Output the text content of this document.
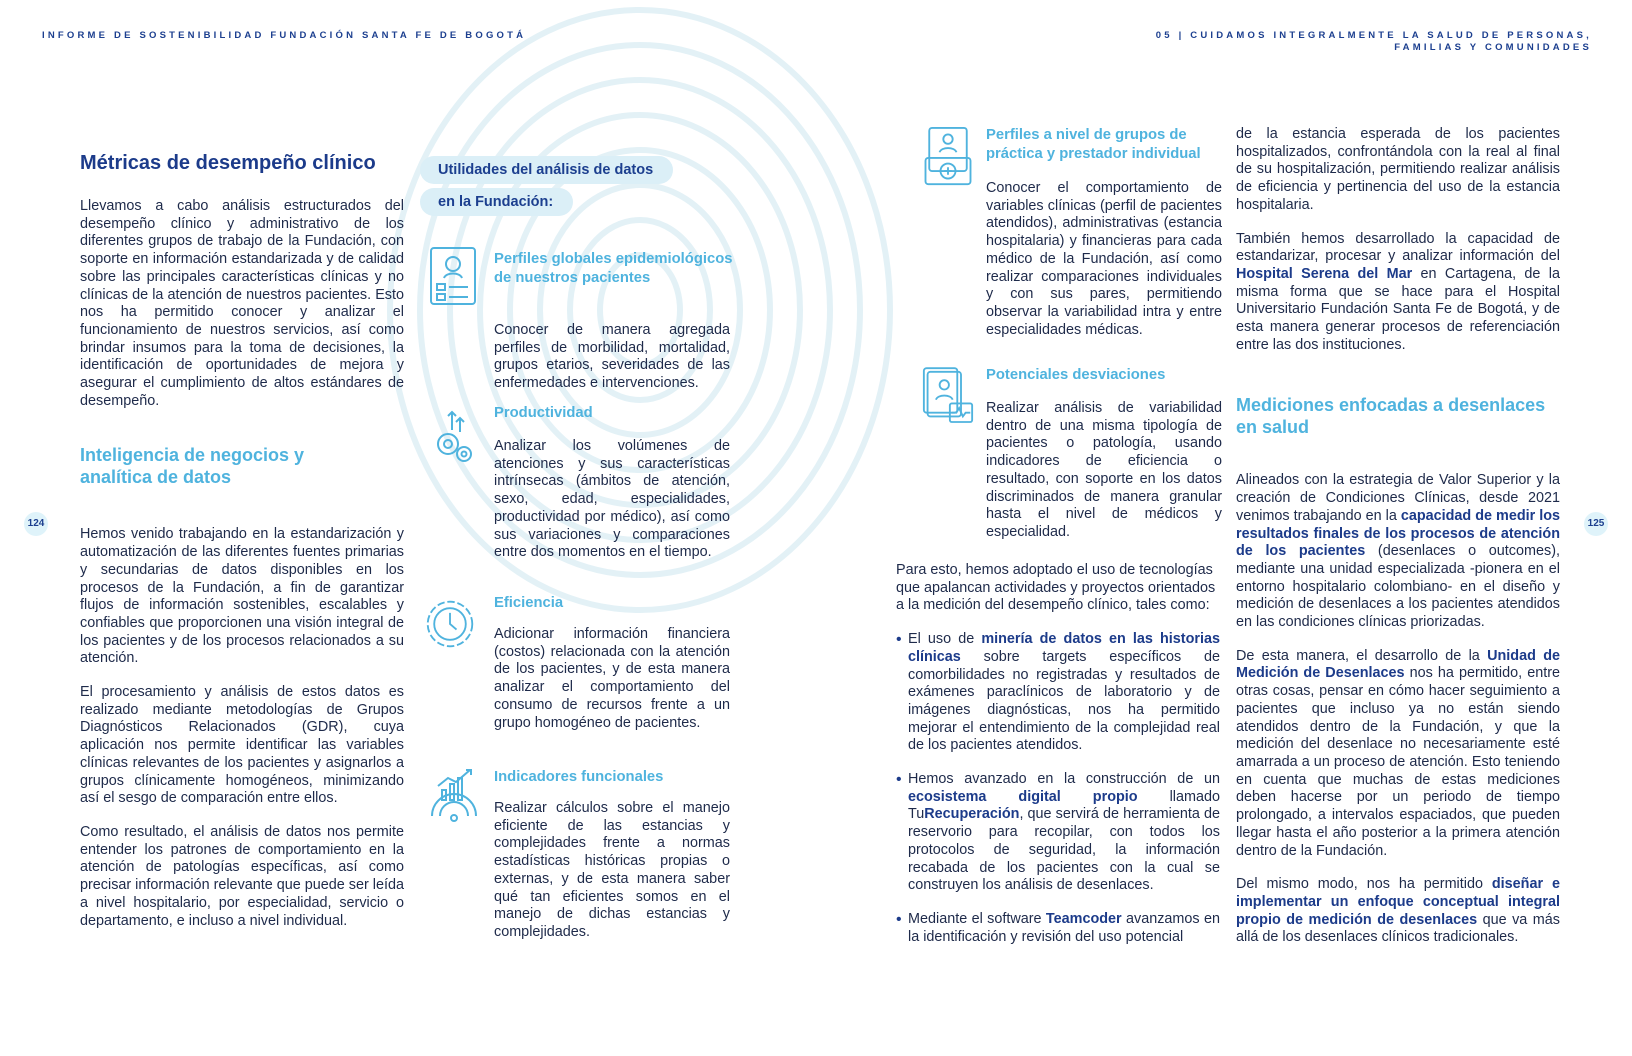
INFORME DE SOSTENIBILIDAD FUNDACIÓN SANTA FE DE BOGOTÁ	05 | CUIDAMOS INTEGRALMENTE LA SALUD DE PERSONAS,
FAMILIAS Y COMUNIDADES
124	125
Métricas de desempeño clínico

Llevamos a cabo análisis estructurados del desempeño clínico y administrativo de los diferentes grupos de trabajo de la Fundación, con soporte en información estandarizada y de calidad sobre las principales características clínicas y no clínicas de la atención de nuestros pacientes. Esto nos ha permitido conocer y analizar el funcionamiento de nuestros servicios, así como brindar insumos para la toma de decisiones, la identificación de oportunidades de mejora y asegurar el cumplimiento de altos estándares de desempeño.

Inteligencia de negocios y analítica de datos

Hemos venido trabajando en la estandarización y automatización de las diferentes fuentes primarias y secundarias de datos disponibles en los procesos de la Fundación, a fin de garantizar flujos de información sostenibles, escalables y confiables que proporcionen una visión integral de los pacientes y de los procesos relacionados a su atención.

El procesamiento y análisis de estos datos es realizado mediante metodologías de Grupos Diagnósticos Relacionados (GDR), cuya aplicación nos permite identificar las variables clínicas relevantes de los pacientes y asignarlos a grupos clínicamente homogéneos, minimizando así el sesgo de comparación entre ellos.

Como resultado, el análisis de datos nos permite entender los patrones de comportamiento en la atención de patologías específicas, así como precisar información relevante que puede ser leída a nivel hospitalario, por especialidad, servicio o departamento, e incluso a nivel individual.

Utilidades del análisis de datos
en la Fundación:
Perfiles globales epidemiológicos de nuestros pacientes
Conocer de manera agregada perfiles de morbilidad, mortalidad, grupos etarios, severidades de las enfermedades e intervenciones.
Productividad
Analizar los volúmenes de atenciones y sus características intrínsecas (ámbitos de atención, sexo, edad, especialidades, productividad por médico), así como sus variaciones y comparaciones entre dos momentos en el tiempo.
Eficiencia
Adicionar información financiera (costos) relacionada con la atención de los pacientes, y de esta manera analizar el comportamiento del consumo de recursos frente a un grupo homogéneo de pacientes.
Indicadores funcionales
Realizar cálculos sobre el manejo eficiente de las estancias y complejidades frente a normas estadísticas históricas propias o externas, y de esta manera saber qué tan eficientes somos en el manejo de dichas estancias y complejidades.
Perfiles a nivel de grupos de práctica y prestador individual
Conocer el comportamiento de variables clínicas (perfil de pacientes atendidos), administrativas (estancia hospitalaria) y financieras para cada médico de la Fundación, así como realizar comparaciones individuales y con sus pares, permitiendo observar la variabilidad intra y entre especialidades médicas.
Potenciales desviaciones
Realizar análisis de variabilidad dentro de una misma tipología de pacientes o patología, usando indicadores de eficiencia o resultado, con soporte en los datos discriminados de manera granular hasta el nivel de médicos y especialidad.

Para esto, hemos adoptado el uso de tecnologías que apalancan actividades y proyectos orientados a la medición del desempeño clínico, tales como:

• El uso de minería de datos en las historias clínicas sobre targets específicos de comorbilidades no registradas y resultados de exámenes paraclínicos de laboratorio y de imágenes diagnósticas, nos ha permitido mejorar el entendimiento de la complejidad real de los pacientes atendidos.
• Hemos avanzado en la construcción de un ecosistema digital propio llamado TuRecuperación, que servirá de herramienta de reservorio para recopilar, con todos los protocolos de seguridad, la información recabada de los pacientes con la cual se construyen los análisis de desenlaces.
• Mediante el software Teamcoder avanzamos en la identificación y revisión del uso potencial

de la estancia esperada de los pacientes hospitalizados, confrontándola con la real al final de su hospitalización, permitiendo realizar análisis de eficiencia y pertinencia del uso de la estancia hospitalaria.

También hemos desarrollado la capacidad de estandarizar, procesar y analizar información del Hospital Serena del Mar en Cartagena, de la misma forma que se hace para el Hospital Universitario Fundación Santa Fe de Bogotá, y de esta manera generar procesos de referenciación entre las dos instituciones.

Mediciones enfocadas a desenlaces en salud

Alineados con la estrategia de Valor Superior y la creación de Condiciones Clínicas, desde 2021 venimos trabajando en la capacidad de medir los resultados finales de los procesos de atención de los pacientes (desenlaces o outcomes), mediante una unidad especializada -pionera en el entorno hospitalario colombiano- en el diseño y medición de desenlaces a los pacientes atendidos en las condiciones clínicas priorizadas.

De esta manera, el desarrollo de la Unidad de Medición de Desenlaces nos ha permitido, entre otras cosas, pensar en cómo hacer seguimiento a pacientes que incluso ya no están siendo atendidos dentro de la Fundación, y que la medición del desenlace no necesariamente esté amarrada a un proceso de atención. Esto teniendo en cuenta que muchas de estas mediciones deben hacerse por un periodo de tiempo prolongado, a intervalos espaciados, que pueden llegar hasta el año posterior a la primera atención dentro de la Fundación.

Del mismo modo, nos ha permitido diseñar e implementar un enfoque conceptual integral propio de medición de desenlaces que va más allá de los desenlaces clínicos tradicionales.
